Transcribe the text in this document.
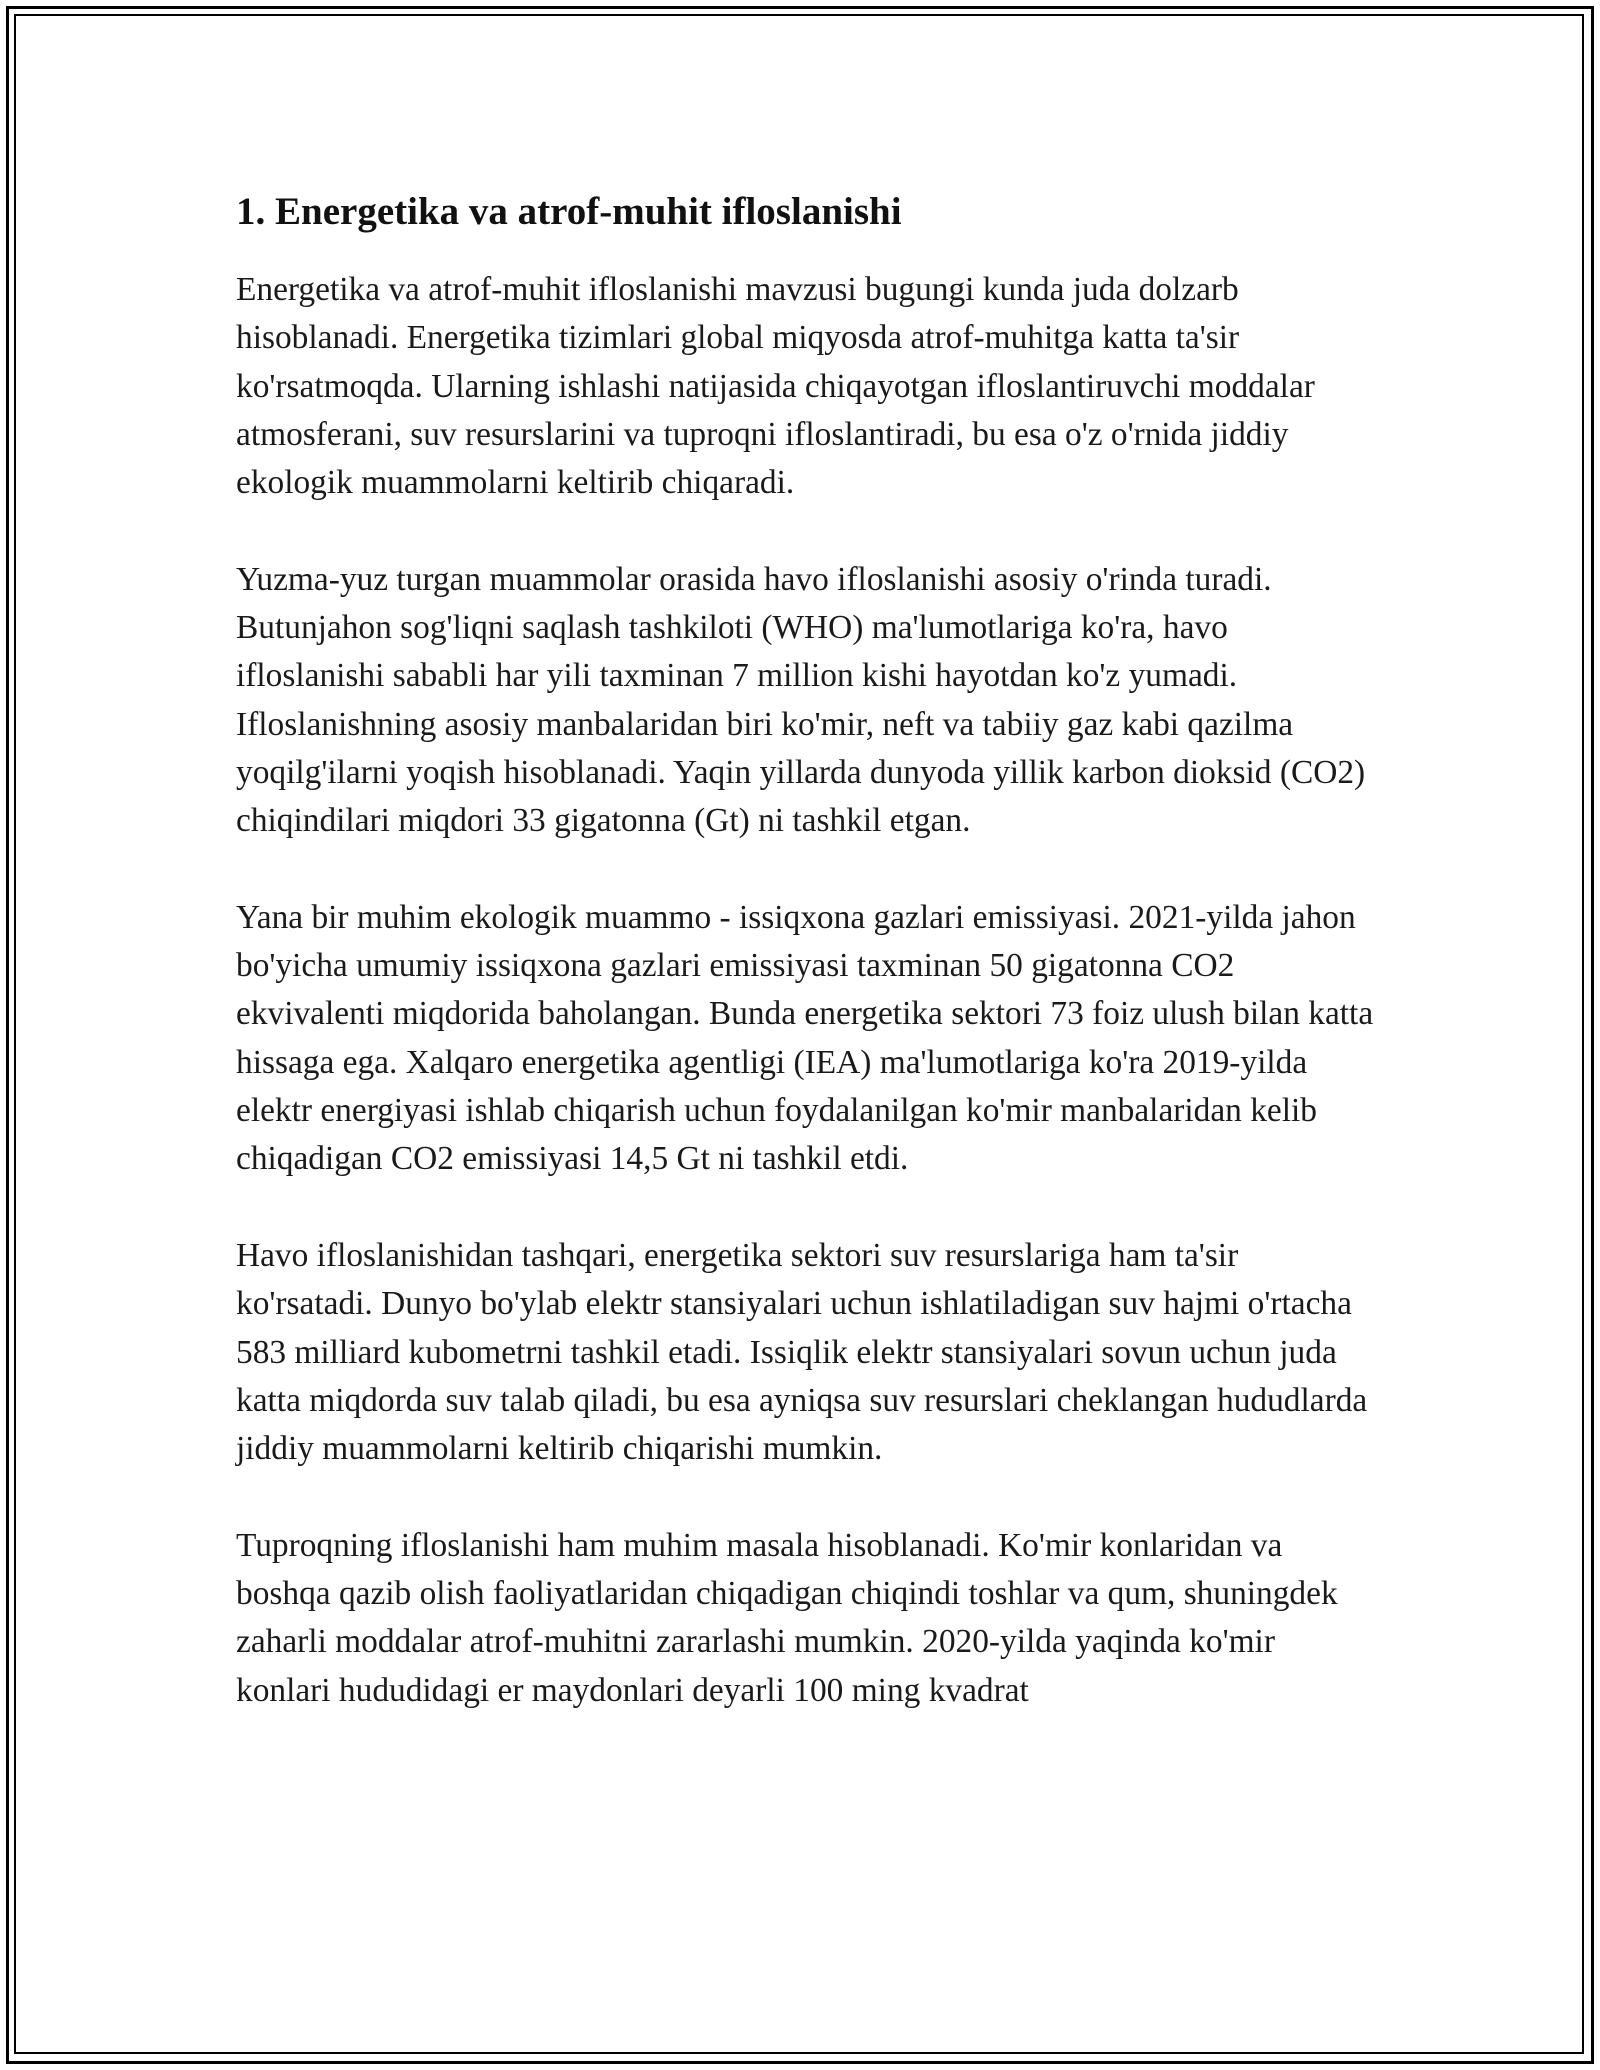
1. Energetika va atrof-muhit ifloslanishi

Energetika va atrof-muhit ifloslanishi mavzusi bugungi kunda juda dolzarb hisoblanadi. Energetika tizimlari global miqyosda atrof-muhitga katta ta'sir ko'rsatmoqda. Ularning ishlashi natijasida chiqayotgan ifloslantiruvchi moddalar atmosferani, suv resurslarini va tuproqni ifloslantiradi, bu esa o'z o'rnida jiddiy ekologik muammolarni keltirib chiqaradi.

Yuzma-yuz turgan muammolar orasida havo ifloslanishi asosiy o'rinda turadi. Butunjahon sog'liqni saqlash tashkiloti (WHO) ma'lumotlariga ko'ra, havo ifloslanishi sababli har yili taxminan 7 million kishi hayotdan ko'z yumadi. Ifloslanishning asosiy manbalaridan biri ko'mir, neft va tabiiy gaz kabi qazilma yoqilg'ilarni yoqish hisoblanadi. Yaqin yillarda dunyoda yillik karbon dioksid (CO2) chiqindilari miqdori 33 gigatonna (Gt) ni tashkil etgan.

Yana bir muhim ekologik muammo - issiqxona gazlari emissiyasi. 2021-yilda jahon bo'yicha umumiy issiqxona gazlari emissiyasi taxminan 50 gigatonna CO2 ekvivalenti miqdorida baholangan. Bunda energetika sektori 73 foiz ulush bilan katta hissaga ega. Xalqaro energetika agentligi (IEA) ma'lumotlariga ko'ra 2019-yilda elektr energiyasi ishlab chiqarish uchun foydalanilgan ko'mir manbalaridan kelib chiqadigan CO2 emissiyasi 14,5 Gt ni tashkil etdi.

Havo ifloslanishidan tashqari, energetika sektori suv resurslariga ham ta'sir ko'rsatadi. Dunyo bo'ylab elektr stansiyalari uchun ishlatiladigan suv hajmi o'rtacha 583 milliard kubometrni tashkil etadi. Issiqlik elektr stansiyalari sovun uchun juda katta miqdorda suv talab qiladi, bu esa ayniqsa suv resurslari cheklangan hududlarda jiddiy muammolarni keltirib chiqarishi mumkin.

Tuproqning ifloslanishi ham muhim masala hisoblanadi. Ko'mir konlaridan va boshqa qazib olish faoliyatlaridan chiqadigan chiqindi toshlar va qum, shuningdek zaharli moddalar atrof-muhitni zararlashi mumkin. 2020-yilda yaqinda ko'mir konlari hududidagi er maydonlari deyarli 100 ming kvadrat
